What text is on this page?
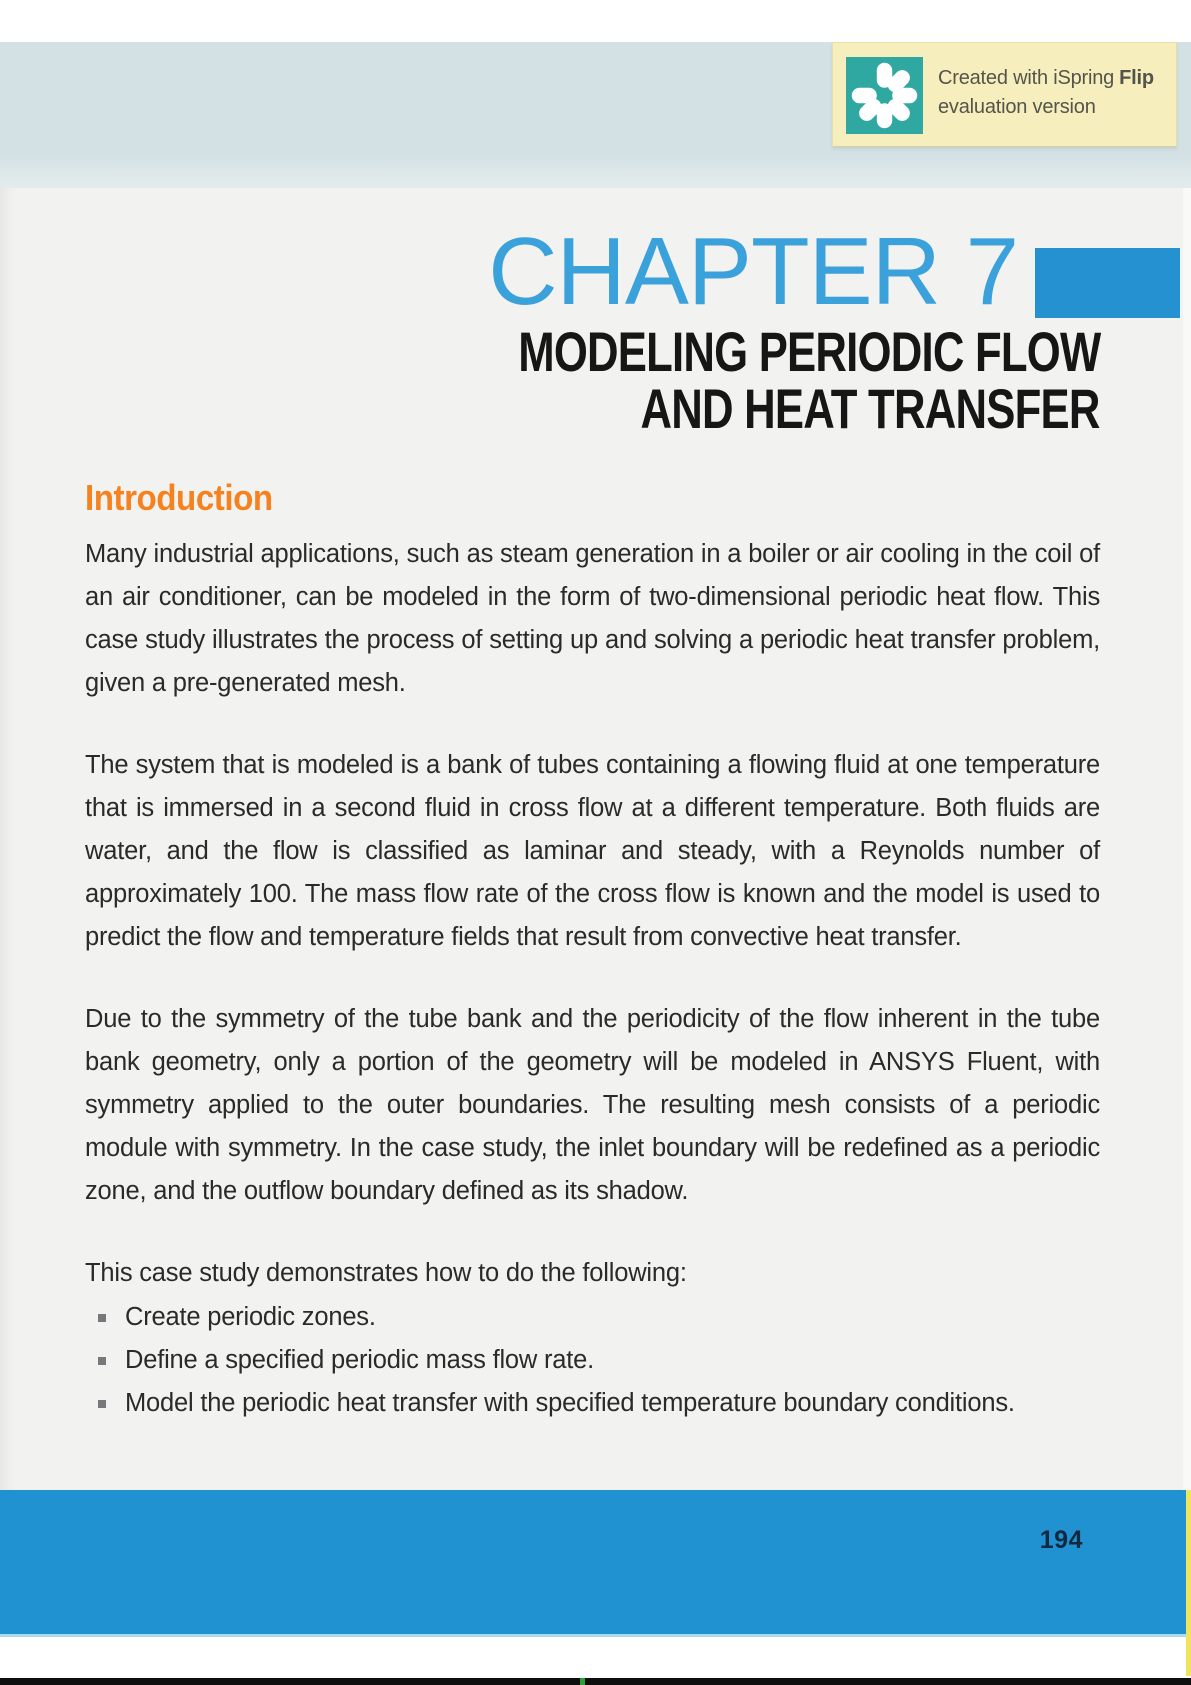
Created with iSpring Flip
evaluation version
CHAPTER 7
MODELING PERIODIC FLOW
AND HEAT TRANSFER
Introduction

Many industrial applications, such as steam generation in a boiler or air cooling in the coil of an air conditioner, can be modeled in the form of two-dimensional periodic heat flow. This case study illustrates the process of setting up and solving a periodic heat transfer problem, given a pre-generated mesh.

The system that is modeled is a bank of tubes containing a flowing fluid at one temperature that is immersed in a second fluid in cross flow at a different temperature. Both fluids are water, and the flow is classified as laminar and steady, with a Reynolds number of approximately 100. The mass flow rate of the cross flow is known and the model is used to predict the flow and temperature fields that result from convective heat transfer.

Due to the symmetry of the tube bank and the periodicity of the flow inherent in the tube bank geometry, only a portion of the geometry will be modeled in ANSYS Fluent, with symmetry applied to the outer boundaries. The resulting mesh consists of a periodic module with symmetry. In the case study, the inlet boundary will be redefined as a periodic zone, and the outflow boundary defined as its shadow.

This case study demonstrates how to do the following:

Create periodic zones.
Define a specified periodic mass flow rate.
Model the periodic heat transfer with specified temperature boundary conditions.
194
